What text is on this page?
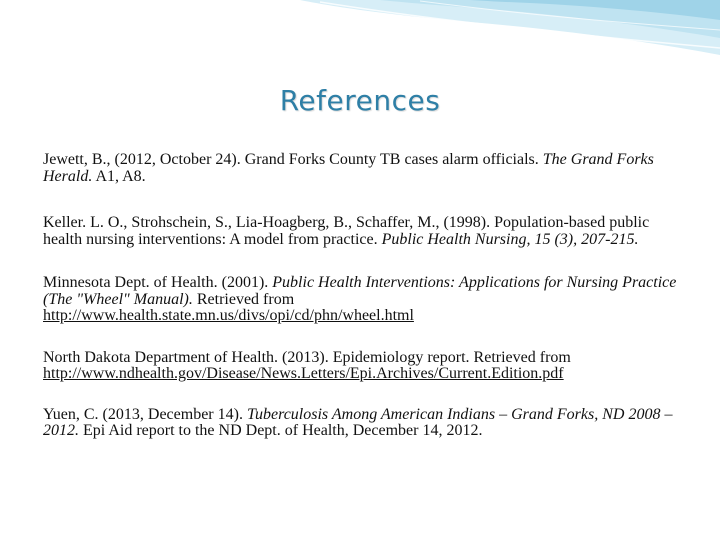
References

Jewett, B., (2012, October 24). Grand Forks County TB cases alarm officials. The Grand Forks Herald. A1, A8.

Keller. L. O., Strohschein, S., Lia-Hoagberg, B., Schaffer, M., (1998). Population-based public health nursing interventions: A model from practice. Public Health Nursing, 15 (3), 207-215.

Minnesota Dept. of Health. (2001). Public Health Interventions: Applications for Nursing Practice (The "Wheel" Manual). Retrieved from
http://www.health.state.mn.us/divs/opi/cd/phn/wheel.html

North Dakota Department of Health. (2013). Epidemiology report. Retrieved from
http://www.ndhealth.gov/Disease/News.Letters/Epi.Archives/Current.Edition.pdf

Yuen, C. (2013, December 14). Tuberculosis Among American Indians – Grand Forks, ND 2008 – 2012. Epi Aid report to the ND Dept. of Health, December 14, 2012.
